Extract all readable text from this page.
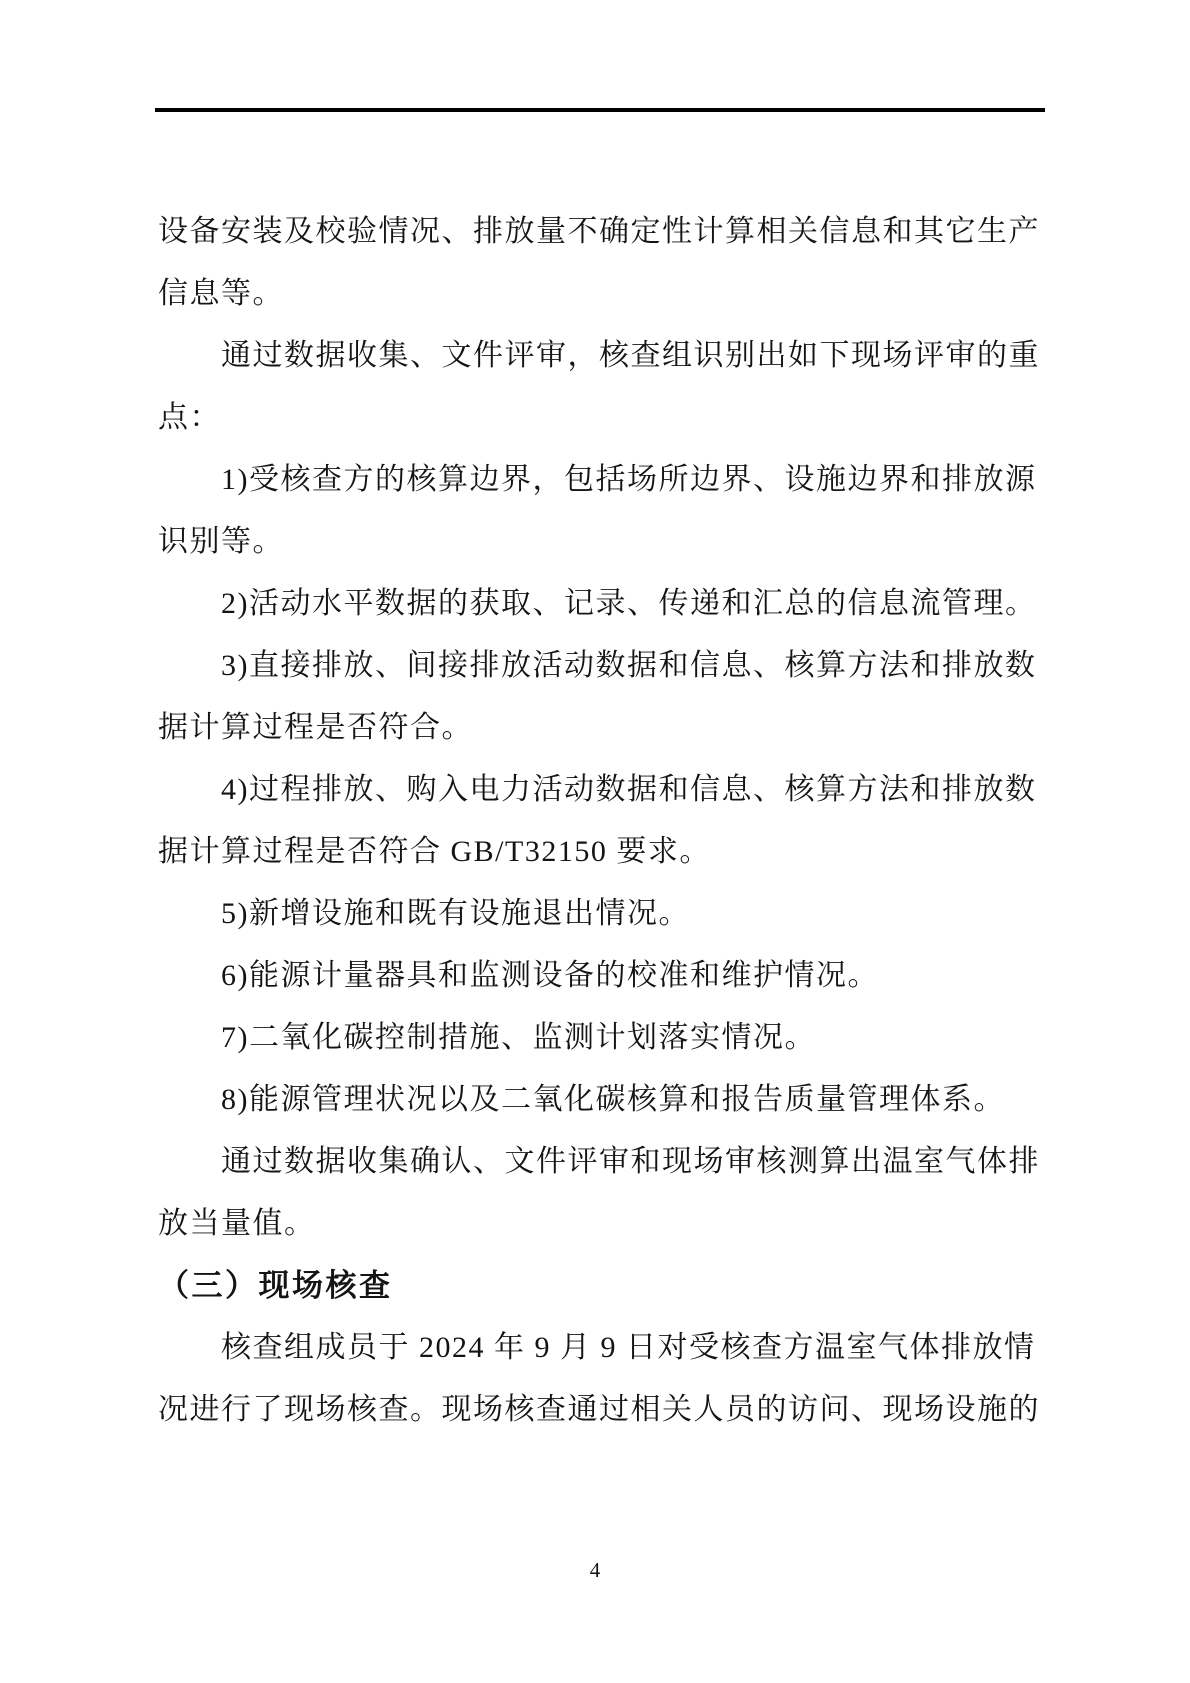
设备安装及校验情况、排放量不确定性计算相关信息和其它生产
信息等。
通过数据收集、文件评审，核查组识别出如下现场评审的重
点：
1)受核查方的核算边界，包括场所边界、设施边界和排放源
识别等。
2)活动水平数据的获取、记录、传递和汇总的信息流管理。
3)直接排放、间接排放活动数据和信息、核算方法和排放数
据计算过程是否符合。
4)过程排放、购入电力活动数据和信息、核算方法和排放数
据计算过程是否符合 GB/T32150 要求。
5)新增设施和既有设施退出情况。
6)能源计量器具和监测设备的校准和维护情况。
7)二氧化碳控制措施、监测计划落实情况。
8)能源管理状况以及二氧化碳核算和报告质量管理体系。
通过数据收集确认、文件评审和现场审核测算出温室气体排
放当量值。
（三）现场核查
核查组成员于 2024 年 9 月 9 日对受核查方温室气体排放情
况进行了现场核查。现场核查通过相关人员的访问、现场设施的
4
